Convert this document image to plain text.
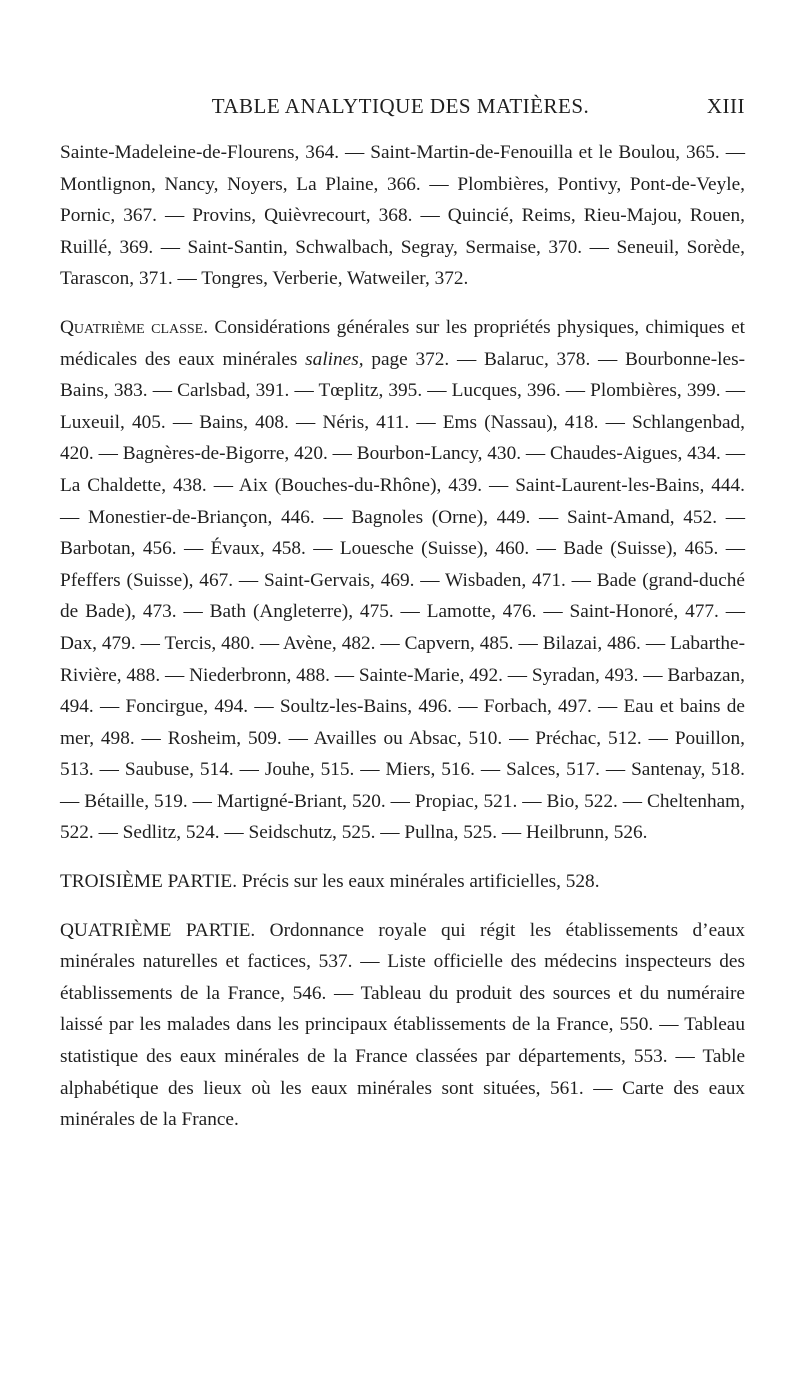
TABLE ANALYTIQUE DES MATIÈRES.	XIII

Sainte-Madeleine-de-Flourens, 364. — Saint-Martin-de-Fenouilla et le Boulou, 365. — Montlignon, Nancy, Noyers, La Plaine, 366. — Plombières, Pontivy, Pont-de-Veyle, Pornic, 367. — Provins, Quièvrecourt, 368. — Quincié, Reims, Rieu-Majou, Rouen, Ruillé, 369. — Saint-Santin, Schwalbach, Segray, Sermaise, 370. — Seneuil, Sorède, Tarascon, 371. — Tongres, Verberie, Watweiler, 372.

Quatrième classe. Considérations générales sur les propriétés physiques, chimiques et médicales des eaux minérales salines, page 372. — Balaruc, 378. — Bourbonne-les-Bains, 383. — Carlsbad, 391. — Tœplitz, 395. — Lucques, 396. — Plombières, 399. — Luxeuil, 405. — Bains, 408. — Néris, 411. — Ems (Nassau), 418. — Schlangenbad, 420. — Bagnères-de-Bigorre, 420. — Bourbon-Lancy, 430. — Chaudes-Aigues, 434. — La Chaldette, 438. — Aix (Bouches-du-Rhône), 439. — Saint-Laurent-les-Bains, 444. — Monestier-de-Briançon, 446. — Bagnoles (Orne), 449. — Saint-Amand, 452. — Barbotan, 456. — Évaux, 458. — Louesche (Suisse), 460. — Bade (Suisse), 465. — Pfeffers (Suisse), 467. — Saint-Gervais, 469. — Wisbaden, 471. — Bade (grand-duché de Bade), 473. — Bath (Angleterre), 475. — Lamotte, 476. — Saint-Honoré, 477. — Dax, 479. — Tercis, 480. — Avène, 482. — Capvern, 485. — Bilazai, 486. — Labarthe-Rivière, 488. — Niederbronn, 488. — Sainte-Marie, 492. — Syradan, 493. — Barbazan, 494. — Foncirgue, 494. — Soultz-les-Bains, 496. — Forbach, 497. — Eau et bains de mer, 498. — Rosheim, 509. — Availles ou Absac, 510. — Préchac, 512. — Pouillon, 513. — Saubuse, 514. — Jouhe, 515. — Miers, 516. — Salces, 517. — Santenay, 518. — Bétaille, 519. — Martigné-Briant, 520. — Propiac, 521. — Bio, 522. — Cheltenham, 522. — Sedlitz, 524. — Seidschutz, 525. — Pullna, 525. — Heilbrunn, 526.

TROISIÈME PARTIE. Précis sur les eaux minérales artificielles, 528.

QUATRIÈME PARTIE. Ordonnance royale qui régit les établissements d’eaux minérales naturelles et factices, 537. — Liste officielle des médecins inspecteurs des établissements de la France, 546. — Tableau du produit des sources et du numéraire laissé par les malades dans les principaux établissements de la France, 550. — Tableau statistique des eaux minérales de la France classées par départements, 553. — Table alphabétique des lieux où les eaux minérales sont situées, 561. — Carte des eaux minérales de la France.
